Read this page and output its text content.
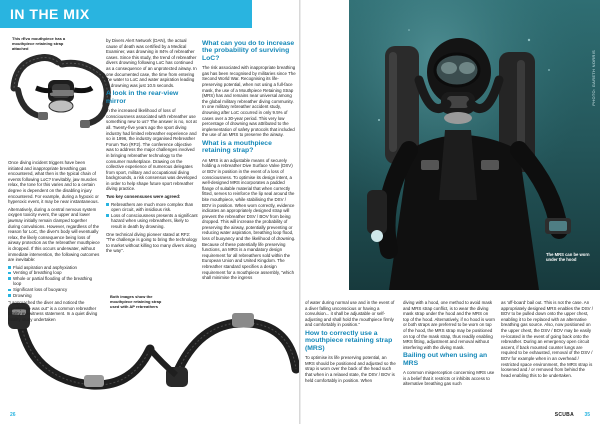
IN THE MIX
This rEvo mouthpiece has a mouthpiece retaining strap attached
PHOTO: GARETH NORRIS
The MRS can be worn under the hood
Both images show the mouthpiece retaining strap used with AP rebreathers

Once diving incident triggers have been initiated and inappropriate breathing gas encountered, what then is the typical chain of events following LoC? Inevitably, jaw muscles relax, the tone for this varies and to a certain degree is dependent on the disabling injury encountered. For example, during a hypoxic or hyperoxic event, it may be near instantaneous.

Alternatively, during a central nervous system oxygen toxicity event, the upper and lower jawmay initially remain clamped together during convulsions. However, regardless of the reason for LoC, the diver's body will eventually relax, the likely consequence being loss of airway protection as the rebreather mouthpiece is dropped. If this occurs underwater, without immediate intervention, the following outcomes are inevitable:

Fluid aspiration and asphyxiation
Venting of breathing loop
Whole or partial flooding of the breathing loop
Significant loss of buoyancy
Drowning

"I approached the diver and noticed the mouthpiece was out" is a common rebreather fatality eyewitness statement. In a quiet diving fatality study undertaken

by Divers Alert Network (DAN), the actual cause of death was certified by a Medical Examiner, was drowning in 84% of rebreather cases. Since this study, the trend of rebreather divers drowning following LoC has continued as a consequence of an unprotected airway. In one documented case, the time from entering the water to LoC and water aspiration leading to drowning was just 10.5 seconds.

A look in the rear-view mirror

In the increased likelihood of loss of consciousness associated with rebreather use something new to us? The answer is no, not at all. Twenty-five years ago the sport diving industry had limited rebreather experience and so in 1996, the industry organised Rebreather Forum Two (RF2). The conference objective was to address the major challenges involved in bringing rebreather technology to the consumer marketplace. Drawing on the collective experience of numerous delegates from sport, military and occupational diving backgrounds, a risk consensus was developed in order to help shape future sport rebreather diving practice.

Two key consensuses were agreed:

Rebreathers are much more complex than open circuit, with insidious risk.
Loss of consciousness presents a significant hazard when using rebreathers, likely to result in death by drowning.

One technical diving pioneer stated at RF2: "The challenge is going to bring the technology to market without killing too many divers along the way".

What can you do to increase the probability of surviving LoC?

The risk associated with inappropriate breathing gas has been recognised by militaries since The Second World War. Recognising its life-preserving potential, when not using a full-face mask, the use of a Mouthpiece Retaining Strap (MRS) has and remains near universal among the global military rebreather diving community. In one military rebreather accident study, drowning after LoC occurred in only 9.5% of cases over a 30-year period. This very low percentage of drowning was attributed to the implementation of safety protocols that included the use of an MRS to preserve the airway.

What is a mouthpiece retaining strap?

An MRS is an adjustable means of securely holding a rebreather Dive Surface Valve (DSV) or BOV in position in the event of a loss of consciousness. To optimise its design intent, a well-designed MRS incorporates a padded flange of suitable material that when correctly fitted, serves to reinforce the lip seal around the bite mouthpiece, while stabilising the DSV / BOV in position. When worn correctly, evidence indicates an appropriately designed strap will prevent the rebreather DSV / BOV from being dropped. This will increase the probability of preserving the airway, potentially preventing or reducing water aspiration, breathing loop flood, loss of buoyancy and the likelihood of drowning. Because of these potentially life preserving functions, an MRS is a mandatory design requirement for all rebreathers sold within the European Union and United Kingdom. The rebreather standard specifies a design requirement for a mouthpiece assembly, "which shall minimise the ingress

of water during normal use and in the event of a diver falling unconscious or having a convulsion... it shall be adjustable or self-adjusting and shall hold the mouthpiece firmly and comfortably in position."

How to correctly use a mouthpiece retaining strap (MRS)

To optimise its life preserving potential, an MRS should be positioned and adjusted so the strap is worn over the back of the head such that when in a relaxed state, the DSV / BOV is held comfortably in position. When

diving with a hood, one method to avoid mask and MRS strap conflict, is to wear the diving mask strap under the hood and the MRS on top of the hood. Alternatively, if no hood is worn or both straps are preferred to be worn on top of the hood, the MRS strap may be positioned on top of the mask strap, thus readily enabling MRS fitting, adjustment and removal without interfering with the diving mask.

Bailing out when using an MRS

A common misperception concerning MRS use is a belief that it restricts or inhibits access to alternative breathing gas such

as 'off-board' bail out. This is not the case. An appropriately designed MRS enables the DSV / BOV to be pulled down onto the upper chest, enabling it to be replaced with an alternative breathing gas source. Also, now positioned on the upper chest, the DSV / BOV may be easily re-located in the event of going back onto the rebreather. During an emergency open circuit ascent, if back mounted counter lungs are required to be exhausted, removal of the DSV / BOV for example when in an overhead / restricted space environment, the MRS strap is loosened and / or removed from behind the head enabling this to be undertaken.

26	SCUBA 35
